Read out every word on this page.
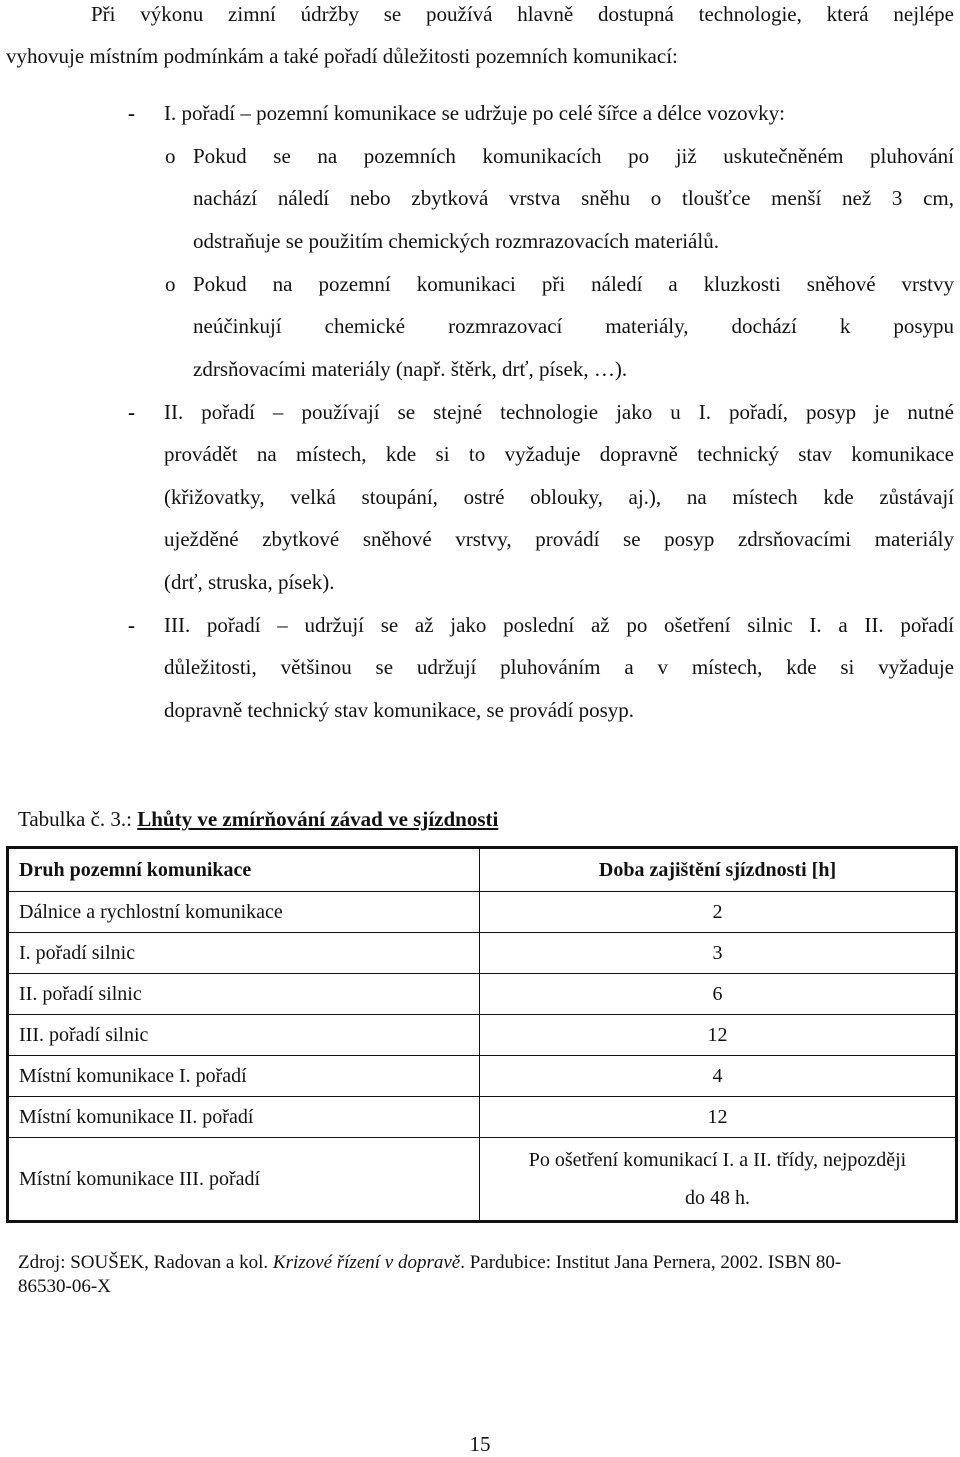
Při výkonu zimní údržby se používá hlavně dostupná technologie, která nejlépe
vyhovuje místním podmínkám a také pořadí důležitosti pozemních komunikací:
- I. pořadí – pozemní komunikace se udržuje po celé šířce a délce vozovky:
o Pokud se na pozemních komunikacích po již uskutečněném pluhování
nachází náledí nebo zbytková vrstva sněhu o tloušťce menší než 3 cm,
odstraňuje se použitím chemických rozmrazovacích materiálů.
o Pokud na pozemní komunikaci při náledí a kluzkosti sněhové vrstvy
neúčinkují chemické rozmrazovací materiály, dochází k posypu
zdrsňovacími materiály (např. štěrk, drť, písek, …).
- II. pořadí – používají se stejné technologie jako u I. pořadí, posyp je nutné
provádět na místech, kde si to vyžaduje dopravně technický stav komunikace
(křižovatky, velká stoupání, ostré oblouky, aj.), na místech kde zůstávají
uježděné zbytkové sněhové vrstvy, provádí se posyp zdrsňovacími materiály
(drť, struska, písek).
- III. pořadí – udržují se až jako poslední až po ošetření silnic I. a II. pořadí
důležitosti, většinou se udržují pluhováním a v místech, kde si vyžaduje
dopravně technický stav komunikace, se provádí posyp.
Tabulka č. 3.: Lhůty ve zmírňování závad ve sjízdnosti
Druh pozemní komunikace	Doba zajištění sjízdnosti [h]
Dálnice a rychlostní komunikace	2
I. pořadí silnic	3
II. pořadí silnic	6
III. pořadí silnic	12
Místní komunikace I. pořadí	4
Místní komunikace II. pořadí	12
Místní komunikace III. pořadí	Po ošetření komunikací I. a II. třídy, nejpozději
do 48 h.
Zdroj: SOUŠEK, Radovan a kol. Krizové řízení v dopravě. Pardubice: Institut Jana Pernera, 2002. ISBN 80-
86530-06-X
15
